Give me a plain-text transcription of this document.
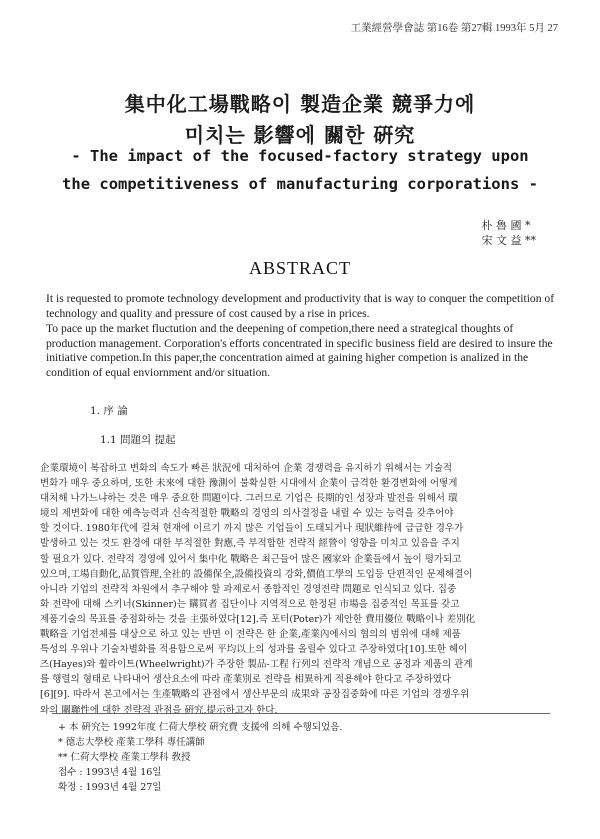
工業經營學會誌 第16卷 第27輯 1993年 5月 27
集中化工場戰略이 製造企業 競爭力에
미치는 影響에 關한 硏究
- The impact of the focused-factory strategy upon
the competitiveness of manufacturing corporations -
朴 魯 國 *
宋 文 益 **
ABSTRACT

It is requested to promote technology development and productivity that is way to conquer the competition of technology and quality and pressure of cost caused by a rise in prices.

To pace up the market fluctution and the deepening of competion,there need a strategical thoughts of production management. Corporation's efforts concentrated in specific business field are desired to insure the initiative competion.In this paper,the concentration aimed at gaining higher competion is analized in the condition of equal enviornment and/or situation.

1. 序 論
1.1 問題의 提起
企業環境이 복잡하고 변화의 속도가 빠른 狀況에 대처하여 企業 경쟁력을 유지하기 위해서는 기술적
변화가 매우 중요하며, 또한 未來에 대한 豫測이 불확실한 시대에서 企業이 급격한 환경변화에 어떻게
대처해 나가느냐하는 것은 매우 중요한 問題이다. 그러므로 기업은 長期的인 성장과 발전을 위해서 環
境의 제변화에 대한 예측능력과 신속적절한 戰略의 경영의 의사결정을 내릴 수 있는 능력을 갖추어야
할 것이다. 1980年代에 걸쳐 현재에 이르기 까지 많은 기업들이 도태되거나 現狀維持에 급급한 경우가
발생하고 있는 것도 환경에 대한 부적절한 對應,즉 부적합한 전략적 經營이 영향을 미치고 있음을 주지
할 필요가 있다. 전략적 경영에 있어서 集中化 戰略은 최근들어 많은 國家와 企業들에서 높이 평가되고
있으며,工場自動化,品質管理,全社的 設備保全,設備投資의 강화,價值工學의 도입등 단편적인 문제해결이
아니라 기업의 전략적 차원에서 추구해야 할 과제로서 종합적인 경영전략 問題로 인식되고 있다. 집중
화 전략에 대해 스키너(Skinner)는 購買者 집단이나 지역적으로 한정된 市場을 집중적인 목표를 갖고
제품기술의 목표를 중점화하는 것을 主張하였다[12].즉 포터(Poter)가 제안한 費用優位 戰略이나 差別化
戰略을 기업전체를 대상으로 하고 있는 반면 이 전략은 한 企業,產業內에서의 협의의 범위에 대해 제품
특성의 우위나 기술차별화를 적용함으로써 平均以上의 성과를 올릴수 있다고 주장하였다[10].또한 헤이
즈(Hayes)와 휠라이트(Wheelwright)가 주장한 製品-工程 行列의 전략적 개념으로 공정과 제품의 관계
를 행렬의 형태로 나타내어 생산요소에 따라 產業別로 전략을 相異하게 적용해야 한다고 주장하였다
[6][9]. 따라서 본고에서는 生產戰略의 관점에서 생산부문의 成果와 공장집중화에 따른 기업의 경쟁우위
와의 關聯性에 대한 전략적 관점을 硏究,提示하고자 한다.
+ 本 硏究는 1992年度 仁荷大學校 硏究費 支援에 의해 수행되었음.
* 德志大學校 產業工學科 專任講師
** 仁荷大學校 產業工學科 敎授
접수 : 1993년 4월 16일
확정 : 1993년 4월 27일
